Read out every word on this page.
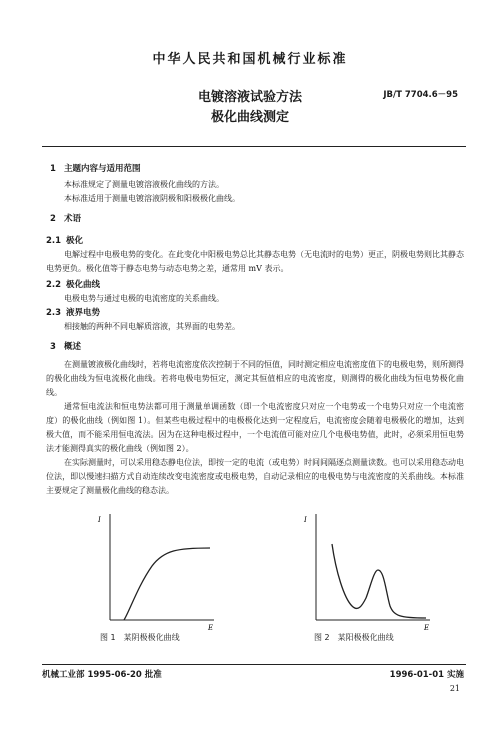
中华人民共和国机械行业标准
电镀溶液试验方法
极化曲线测定
JB/T 7704.6－95
1 主题内容与适用范围
本标准规定了测量电镀溶液极化曲线的方法。
本标准适用于测量电镀溶液阴极和阳极极化曲线。
2 术语
2.1 极化
电解过程中电极电势的变化。在此变化中阳极电势总比其静态电势（无电流时的电势）更正，阴极电势则比其静态电势更负。极化值等于静态电势与动态电势之差，通常用 mV 表示。
2.2 极化曲线
电极电势与通过电极的电流密度的关系曲线。
2.3 液界电势
相接触的两种不同电解质溶液，其界面的电势差。
3 概述
在测量镀液极化曲线时，若将电流密度依次控制于不同的恒值，同时测定相应电流密度值下的电极电势，则所测得的极化曲线为恒电流极化曲线。若将电极电势恒定，测定其恒值相应的电流密度，则测得的极化曲线为恒电势极化曲线。
通常恒电流法和恒电势法都可用于测量单调函数（即一个电流密度只对应一个电势或一个电势只对应一个电流密度）的极化曲线（例如图 1）。但某些电极过程中的电极极化达到一定程度后，电流密度会随着电极极化的增加，达到极大值，而不能采用恒电流法。因为在这种电极过程中，一个电流值可能对应几个电极电势值，此时，必须采用恒电势法才能测得真实的极化曲线（例如图 2）。
在实际测量时，可以采用稳态静电位法，即按一定的电流（或电势）时间间隔逐点测量读数。也可以采用稳态动电位法，即以慢速扫描方式自动连续改变电流密度或电极电势，自动记录相应的电极电势与电流密度的关系曲线。本标准主要规定了测量极化曲线的稳态法。
I
E
图 1　某阴极极化曲线
I
E
图 2　某阳极极化曲线
机械工业部 1995-06-20 批准	1996-01-01 实施
21
